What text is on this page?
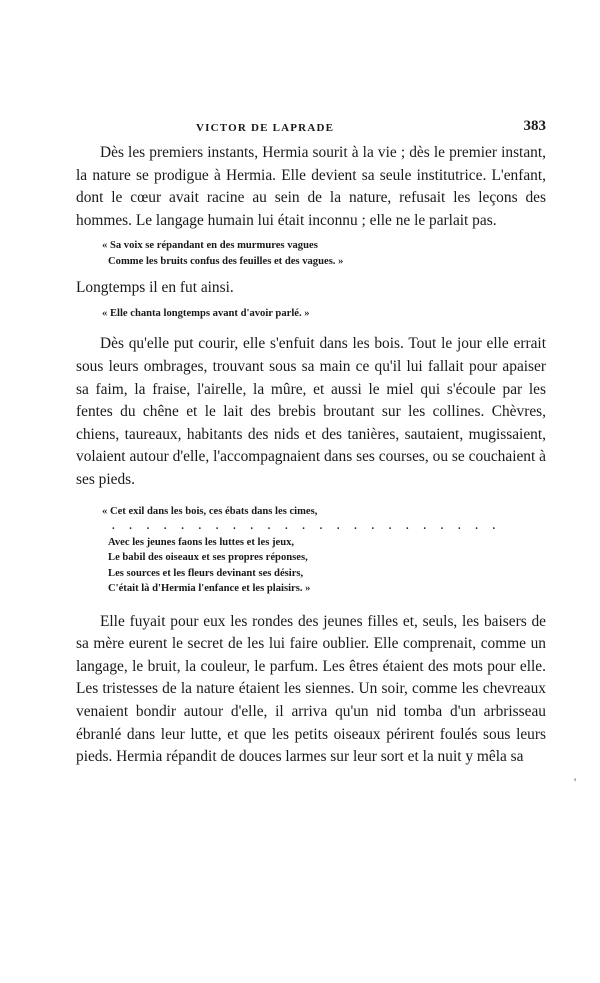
VICTOR DE LAPRADE	383

Dès les premiers instants, Hermia sourit à la vie ; dès le premier instant, la nature se prodigue à Hermia. Elle devient sa seule institutrice. L'enfant, dont le cœur avait racine au sein de la nature, refusait les leçons des hommes. Le langage humain lui était inconnu ; elle ne le parlait pas.

« Sa voix se répandant en des murmures vagues
Comme les bruits confus des feuilles et des vagues. »

Longtemps il en fut ainsi.

« Elle chanta longtemps avant d'avoir parlé. »

Dès qu'elle put courir, elle s'enfuit dans les bois. Tout le jour elle errait sous leurs ombrages, trouvant sous sa main ce qu'il lui fallait pour apaiser sa faim, la fraise, l'airelle, la mûre, et aussi le miel qui s'écoule par les fentes du chêne et le lait des brebis broutant sur les collines. Chèvres, chiens, taureaux, habitants des nids et des tanières, sautaient, mugissaient, volaient autour d'elle, l'accompagnaient dans ses courses, ou se couchaient à ses pieds.

« Cet exil dans les bois, ces ébats dans les cimes,
. . . . . . . . . . . . . . . . . . . . . . .
Avec les jeunes faons les luttes et les jeux,
Le babil des oiseaux et ses propres réponses,
Les sources et les fleurs devinant ses désirs,
C'était là d'Hermia l'enfance et les plaisirs. »

Elle fuyait pour eux les rondes des jeunes filles et, seuls, les baisers de sa mère eurent le secret de les lui faire oublier. Elle comprenait, comme un langage, le bruit, la couleur, le parfum. Les êtres étaient des mots pour elle. Les tristesses de la nature étaient les siennes. Un soir, comme les chevreaux venaient bondir autour d'elle, il arriva qu'un nid tomba d'un arbrisseau ébranlé dans leur lutte, et que les petits oiseaux périrent foulés sous leurs pieds. Hermia répandit de douces larmes sur leur sort et la nuit y mêla sa

'
